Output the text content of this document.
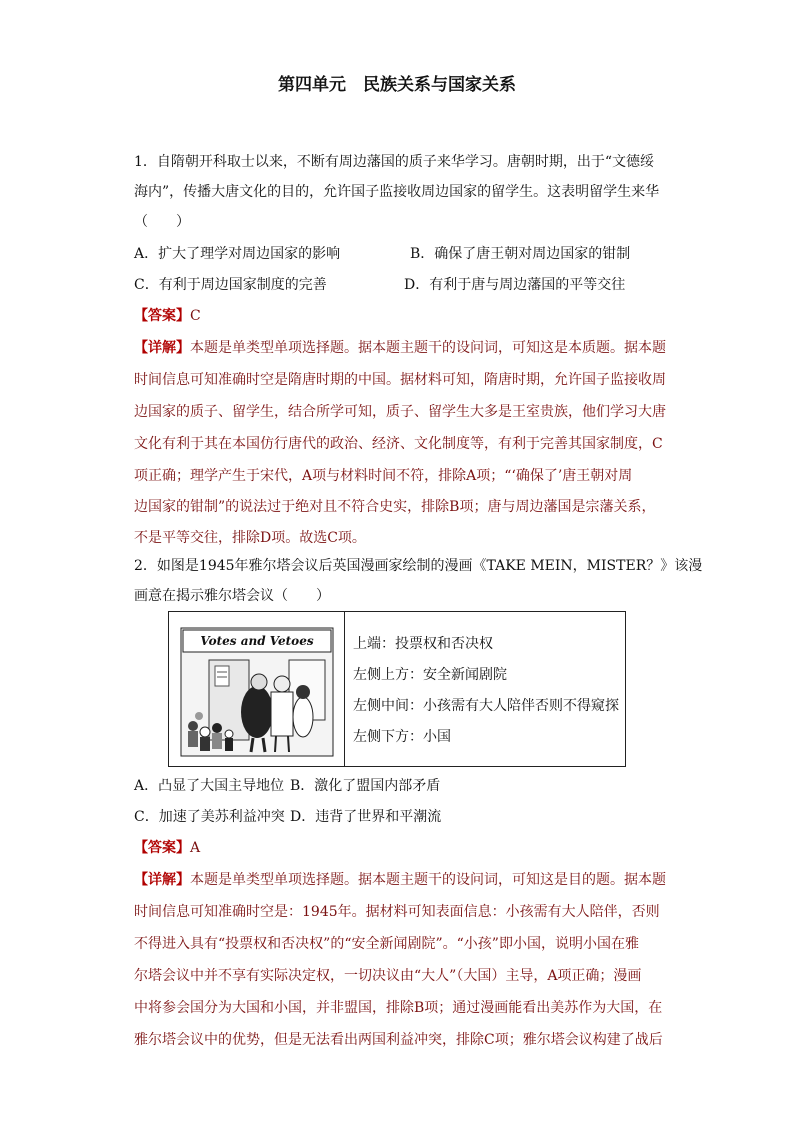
第四单元　民族关系与国家关系
1．自隋朝开科取士以来，不断有周边藩国的质子来华学习。唐朝时期，出于“文德绥
海内”，传播大唐文化的目的，允许国子监接收周边国家的留学生。这表明留学生来华
（　　）
A．扩大了理学对周边国家的影响	B．确保了唐王朝对周边国家的钳制
C．有利于周边国家制度的完善	D．有利于唐与周边藩国的平等交往
【答案】C
【详解】本题是单类型单项选择题。据本题主题干的设问词，可知这是本质题。据本题
时间信息可知准确时空是隋唐时期的中国。据材料可知，隋唐时期，允许国子监接收周
边国家的质子、留学生，结合所学可知，质子、留学生大多是王室贵族，他们学习大唐
文化有利于其在本国仿行唐代的政治、经济、文化制度等，有利于完善其国家制度，C
项正确；理学产生于宋代，A项与材料时间不符，排除A项；“‘确保了’唐王朝对周
边国家的钳制”的说法过于绝对且不符合史实，排除B项；唐与周边藩国是宗藩关系，
不是平等交往，排除D项。故选C项。
2．如图是1945年雅尔塔会议后英国漫画家绘制的漫画《TAKE MEIN，MISTER？》该漫
画意在揭示雅尔塔会议（　　）
Votes and Vetoes	上端：投票权和否决权
左侧上方：安全新闻剧院
左侧中间：小孩需有大人陪伴否则不得窥探
左侧下方：小国
A．凸显了大国主导地位 B．激化了盟国内部矛盾
C．加速了美苏利益冲突 D．违背了世界和平潮流
【答案】A
【详解】本题是单类型单项选择题。据本题主题干的设问词，可知这是目的题。据本题
时间信息可知准确时空是：1945年。据材料可知表面信息：小孩需有大人陪伴，否则
不得进入具有“投票权和否决权”的“安全新闻剧院”。“小孩”即小国，说明小国在雅
尔塔会议中并不享有实际决定权，一切决议由“大人”（大国）主导，A项正确；漫画
中将参会国分为大国和小国，并非盟国，排除B项；通过漫画能看出美苏作为大国，在
雅尔塔会议中的优势，但是无法看出两国利益冲突，排除C项；雅尔塔会议构建了战后
